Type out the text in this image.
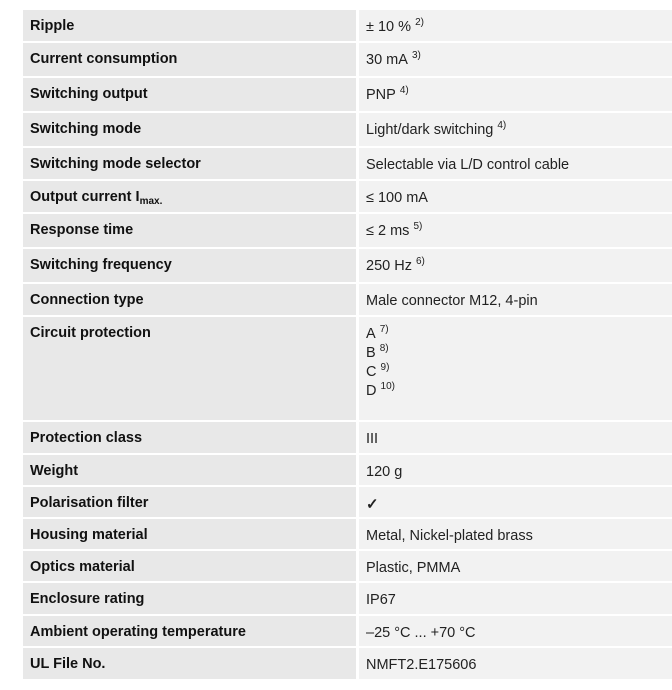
Ripple	± 10 % $^{2)}$
Current consumption	30 mA $^{3)}$
Switching output	PNP $^{4)}$
Switching mode	Light/dark switching $^{4)}$
Switching mode selector	Selectable via L/D control cable
Output current $I_{max.}$	≤ 100 mA
Response time	≤ 2 ms $^{5)}$
Switching frequency	250 Hz $^{6)}$
Connection type	Male connector M12, 4-pin
Circuit protection	A $^{7)}$
B $^{8)}$
C $^{9)}$
D $^{10)}$
Protection class	III
Weight	120 g
Polarisation filter	✓
Housing material	Metal, Nickel-plated brass
Optics material	Plastic, PMMA
Enclosure rating	IP67
Ambient operating temperature	–25 °C ... +70 °C
UL File No.	NMFT2.E175606
